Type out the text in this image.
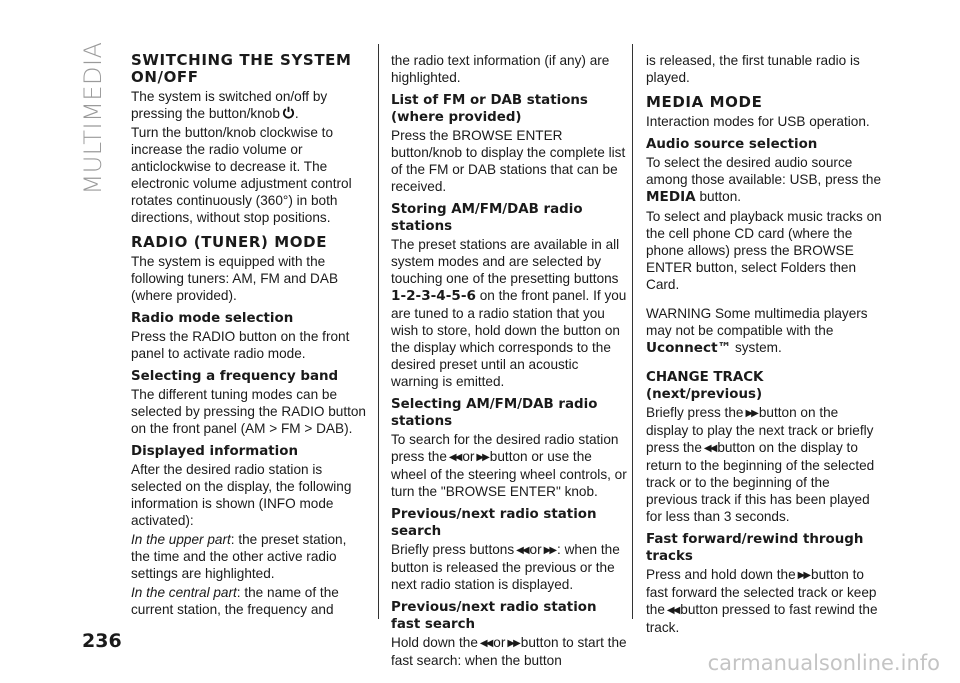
MULTIMEDIA SWITCHING THE SYSTEM ON/OFF

The system is switched on/off by pressing the button/knob .

Turn the button/knob clockwise to increase the radio volume or anticlockwise to decrease it. The electronic volume adjustment control rotates continuously (360°) in both directions, without stop positions.

RADIO (TUNER) MODE

The system is equipped with the following tuners: AM, FM and DAB (where provided).

Radio mode selection

Press the RADIO button on the front panel to activate radio mode.

Selecting a frequency band

The different tuning modes can be selected by pressing the RADIO button on the front panel (AM > FM > DAB).

Displayed information

After the desired radio station is selected on the display, the following information is shown (INFO mode activated):

In the upper part: the preset station, the time and the other active radio settings are highlighted.

In the central part: the name of the current station, the frequency and

the radio text information (if any) are highlighted.

List of FM or DAB stations (where provided)

Press the BROWSE ENTER button/knob to display the complete list of the FM or DAB stations that can be received.

Storing AM/FM/DAB radio stations

The preset stations are available in all system modes and are selected by touching one of the presetting buttons 1-2-3-4-5-6 on the front panel. If you are tuned to a radio station that you wish to store, hold down the button on the display which corresponds to the desired preset until an acoustic warning is emitted.

Selecting AM/FM/DAB radio stations

To search for the desired radio station press the ◀◀ or ▶▶ button or use the wheel of the steering wheel controls, or turn the "BROWSE ENTER" knob.

Previous/next radio station search

Briefly press buttons ◀◀ or ▶▶ : when the button is released the previous or the next radio station is displayed.

Previous/next radio station fast search

Hold down the ◀◀ or ▶▶ button to start the fast search: when the button

is released, the first tunable radio is played.

MEDIA MODE

Interaction modes for USB operation.

Audio source selection

To select the desired audio source among those available: USB, press the MEDIA button.

To select and playback music tracks on the cell phone CD card (where the phone allows) press the BROWSE ENTER button, select Folders then Card.

WARNING Some multimedia players may not be compatible with the Uconnect™ system.

CHANGE TRACK (next/previous)

Briefly press the ▶▶ button on the display to play the next track or briefly press the ◀◀ button on the display to return to the beginning of the selected track or to the beginning of the previous track if this has been played for less than 3 seconds.

Fast forward/rewind through tracks

Press and hold down the ▶▶ button to fast forward the selected track or keep the ◀◀ button pressed to fast rewind the track.

236
carmanualsonline.info
